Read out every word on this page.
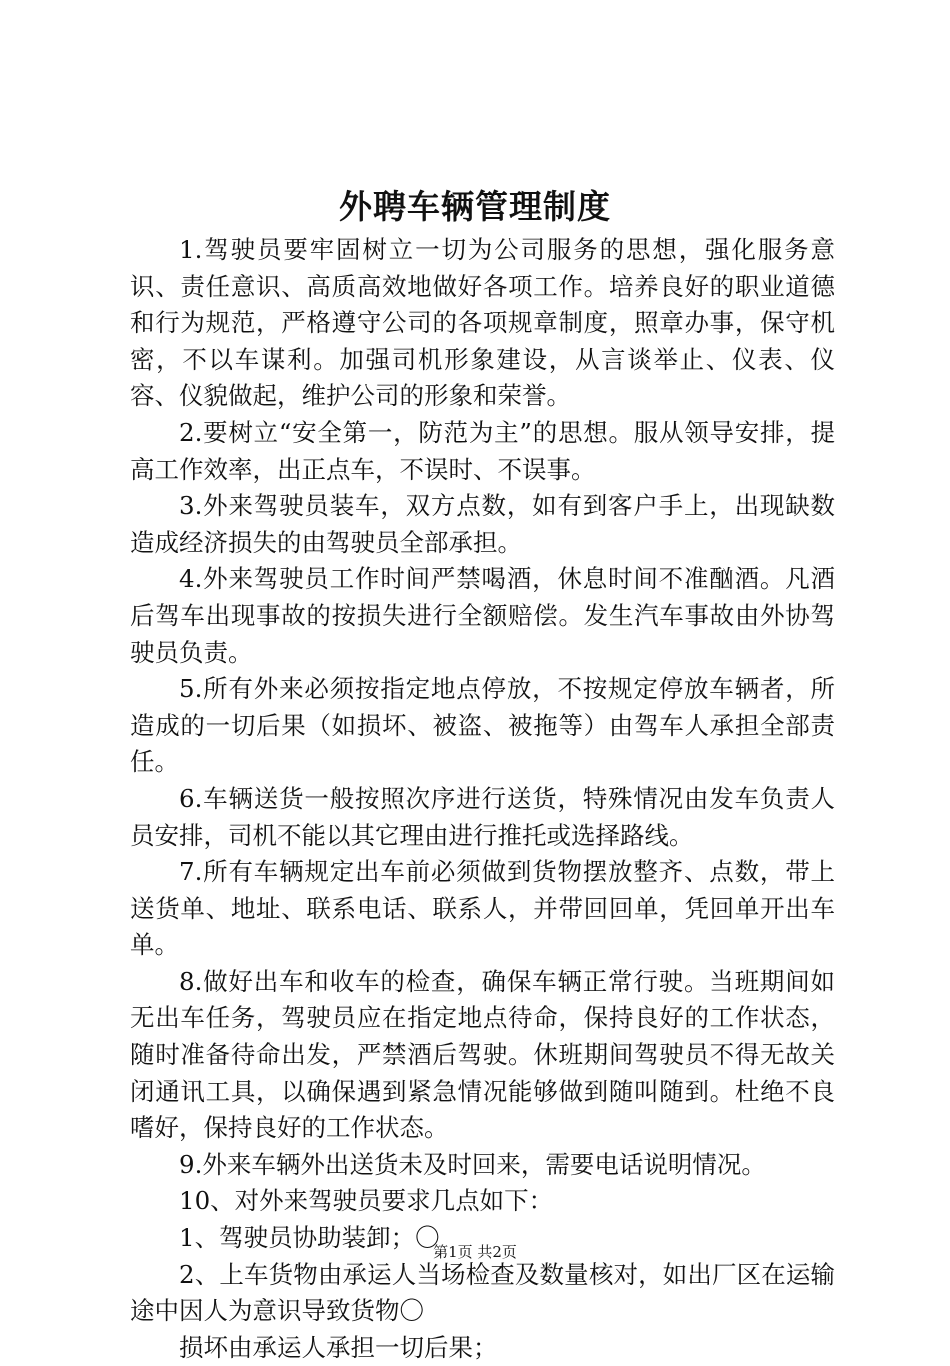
外聘车辆管理制度

1.驾驶员要牢固树立一切为公司服务的思想，强化服务意识、责任意识、高质高效地做好各项工作。培养良好的职业道德和行为规范，严格遵守公司的各项规章制度，照章办事，保守机密，不以车谋利。加强司机形象建设，从言谈举止、仪表、仪容、仪貌做起，维护公司的形象和荣誉。

2.要树立“安全第一，防范为主”的思想。服从领导安排，提高工作效率，出正点车，不误时、不误事。

3.外来驾驶员装车，双方点数，如有到客户手上，出现缺数造成经济损失的由驾驶员全部承担。

4.外来驾驶员工作时间严禁喝酒，休息时间不准酗酒。凡酒后驾车出现事故的按损失进行全额赔偿。发生汽车事故由外协驾驶员负责。

5.所有外来必须按指定地点停放，不按规定停放车辆者，所造成的一切后果（如损坏、被盗、被拖等）由驾车人承担全部责任。

6.车辆送货一般按照次序进行送货，特殊情况由发车负责人员安排，司机不能以其它理由进行推托或选择路线。

7.所有车辆规定出车前必须做到货物摆放整齐、点数，带上送货单、地址、联系电话、联系人，并带回回单，凭回单开出车单。

8.做好出车和收车的检查，确保车辆正常行驶。当班期间如无出车任务，驾驶员应在指定地点待命，保持良好的工作状态，随时准备待命出发，严禁酒后驾驶。休班期间驾驶员不得无故关闭通讯工具，以确保遇到紧急情况能够做到随叫随到。杜绝不良嗜好，保持良好的工作状态。

9.外来车辆外出送货未及时回来，需要电话说明情况。

10、对外来驾驶员要求几点如下：

1、驾驶员协助装卸；〇

2、上车货物由承运人当场检查及数量核对，如出厂区在运输途中因人为意识导致货物〇

损坏由承运人承担一切后果；

第1页 共2页
